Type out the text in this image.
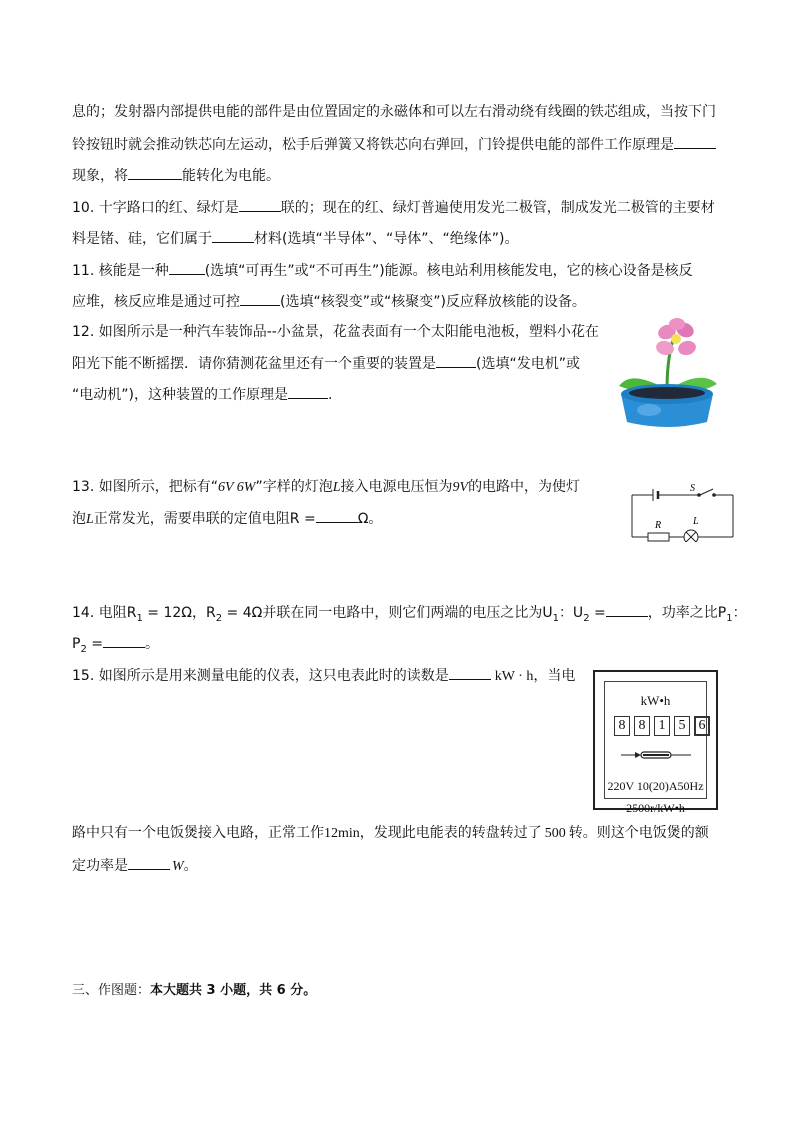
息的；发射器内部提供电能的部件是由位置固定的永磁体和可以左右滑动绕有线圈的铁芯组成，当按下门
铃按钮时就会推动铁芯向左运动，松手后弹簧又将铁芯向右弹回，门铃提供电能的部件工作原理是
现象，将	能转化为电能。
10. 十字路口的红、绿灯是	联的；现在的红、绿灯普遍使用发光二极管，制成发光二极管的主要材
料是锗、硅，它们属于	材料(选填“半导体”、“导体”、“绝缘体”)。
11. 核能是一种	(选填“可再生”或“不可再生”)能源。核电站利用核能发电，它的核心设备是核反
应堆，核反应堆是通过可控	(选填“核裂变”或“核聚变”)反应释放核能的设备。
12. 如图所示是一种汽车装饰品--小盆景，花盆表面有一个太阳能电池板，塑料小花在
阳光下能不断摇摆．请你猜测花盆里还有一个重要的装置是	(选填“发电机”或
“电动机”)，这种装置的工作原理是	.
13. 如图所示，把标有“6V 6W”字样的灯泡L接入电源电压恒为9V的电路中，为使灯
泡L正常发光，需要串联的定值电阻R =	Ω。
S
R	L
14. 电阻$R_1 = 12\Omega$，$R_2 = 4\Omega$并联在同一电路中，则它们两端的电压之比为$U_1$：$U_2$ =	，功率之比$P_1$：
$P_2$ =	。
15. 如图所示是用来测量电能的仪表，这只电表此时的读数是	kW · h，当电
路中只有一个电饭煲接入电路，正常工作12min，发现此电能表的转盘转过了 500 转。则这个电饭煲的额
定功率是	W。
kW•h
8 8 1 5 6
220V 10(20)A50Hz
2500r/kW•h
三、作图题：本大题共 3 小题，共 6 分。
